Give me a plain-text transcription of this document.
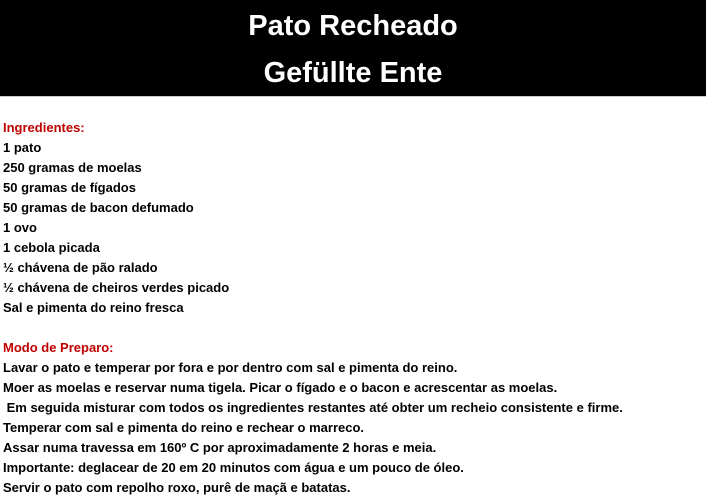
Pato Recheado
Gefüllte Ente
Ingredientes:
1 pato
250 gramas de moelas
50 gramas de fígados
50 gramas de bacon defumado
1 ovo
1 cebola picada
½ chávena de pão ralado
½ chávena de cheiros verdes picado
Sal e pimenta do reino fresca
Modo de Preparo:
Lavar o pato e temperar por fora e por dentro com sal e pimenta do reino.
Moer as moelas e reservar numa tigela. Picar o fígado e o bacon e acrescentar as moelas.
Em seguida misturar com todos os ingredientes restantes até obter um recheio consistente e firme.
Temperar com sal e pimenta do reino e rechear o marreco.
Assar numa travessa em 160º C por aproximadamente 2 horas e meia.
Importante: deglacear de 20 em 20 minutos com água e um pouco de óleo.
Servir o pato com repolho roxo, purê de maçã e batatas.
